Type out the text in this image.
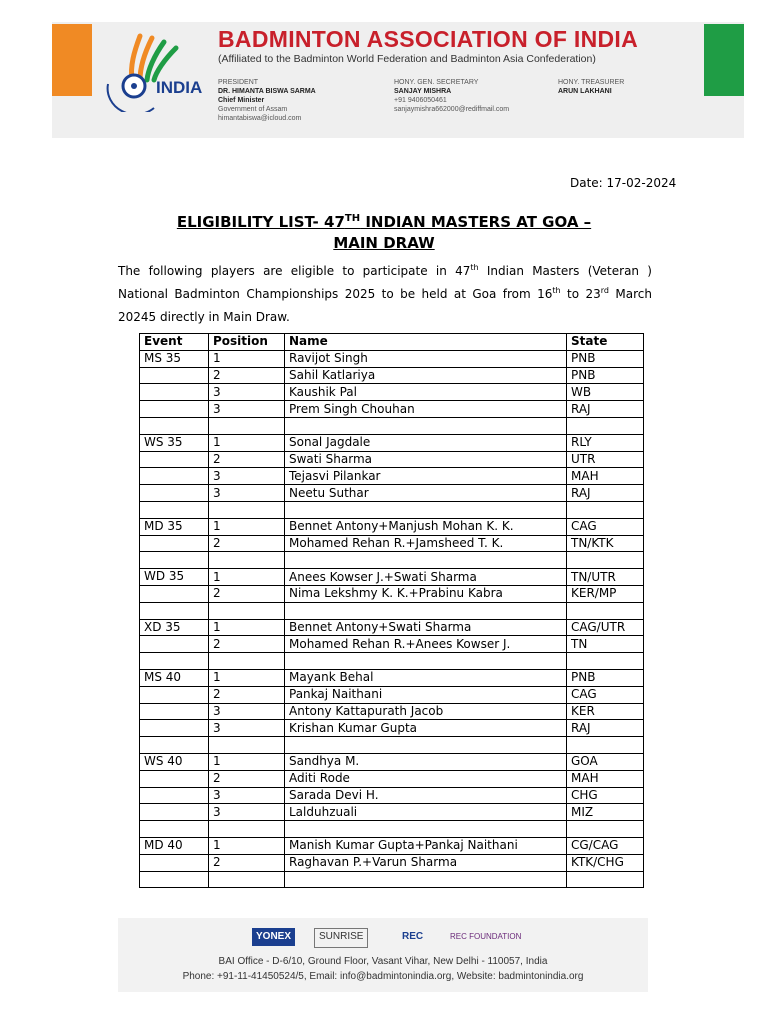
INDIA
BADMINTON ASSOCIATION OF INDIA
(Affiliated to the Badminton World Federation and Badminton Asia Confederation)
PRESIDENT
DR. HIMANTA BISWA SARMA
Chief Minister
Government of Assam
himantabiswa@icloud.com
HONY. GEN. SECRETARY
SANJAY MISHRA
+91 9406050461
sanjaymishra662000@rediffmail.com
HONY. TREASURER
ARUN LAKHANI
Date: 17-02-2024
ELIGIBILITY LIST- 47TH INDIAN MASTERS AT GOA –
MAIN DRAW
The following players are eligible to participate in 47th Indian Masters (Veteran ) National Badminton Championships 2025 to be held at Goa from 16th to 23rd March 20245 directly in Main Draw.
Event	Position	Name	State
MS 35	1	Ravijot Singh	PNB
	2	Sahil Katlariya	PNB
	3	Kaushik Pal	WB
	3	Prem Singh Chouhan	RAJ

WS 35	1	Sonal Jagdale	RLY
	2	Swati Sharma	UTR
	3	Tejasvi Pilankar	MAH
	3	Neetu Suthar	RAJ

MD 35	1	Bennet Antony+Manjush Mohan K. K.	CAG
	2	Mohamed Rehan R.+Jamsheed T. K.	TN/KTK

WD 35	1	Anees Kowser J.+Swati Sharma	TN/UTR
	2	Nima Lekshmy K. K.+Prabinu Kabra	KER/MP

XD 35	1	Bennet Antony+Swati Sharma	CAG/UTR
	2	Mohamed Rehan R.+Anees Kowser J.	TN

MS 40	1	Mayank Behal	PNB
	2	Pankaj Naithani	CAG
	3	Antony Kattapurath Jacob	KER
	3	Krishan Kumar Gupta	RAJ

WS 40	1	Sandhya M.	GOA
	2	Aditi Rode	MAH
	3	Sarada Devi H.	CHG
	3	Lalduhzuali	MIZ

MD 40	1	Manish Kumar Gupta+Pankaj Naithani	CG/CAG
	2	Raghavan P.+Varun Sharma	KTK/CHG

YONEX	SUNRISE	REC	REC FOUNDATION
BAI Office - D-6/10, Ground Floor, Vasant Vihar, New Delhi - 110057, India
Phone: +91-11-41450524/5, Email: info@badmintonindia.org, Website: badmintonindia.org
